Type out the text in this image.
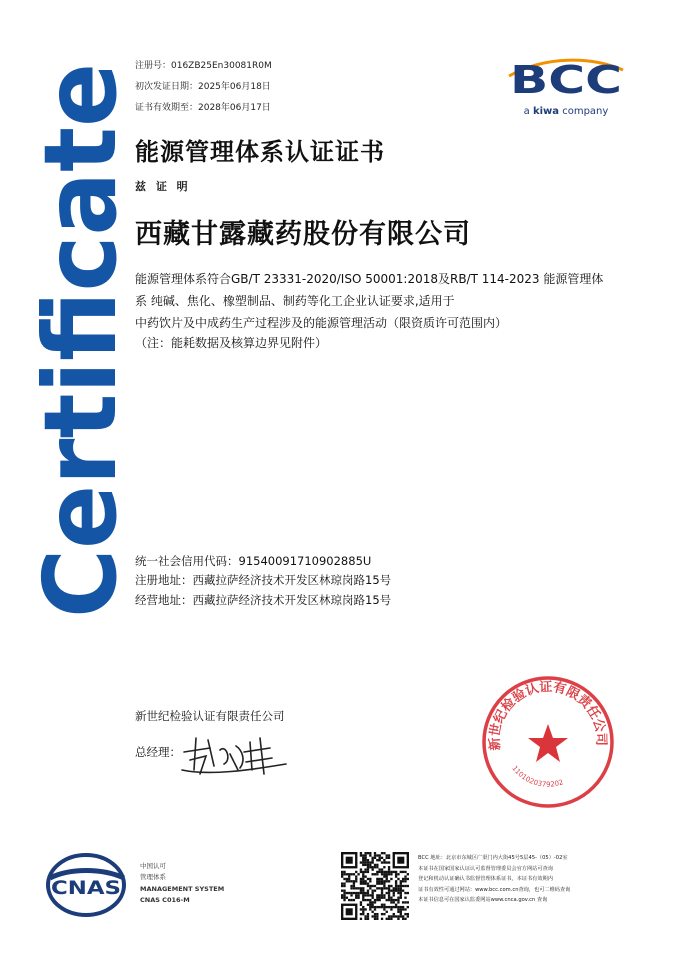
Certificate
注册号：016ZB25En30081R0M
初次发证日期：2025年06月18日
证书有效期至：2028年06月17日
BCC
a kiwa company
能源管理体系认证证书
兹 证 明
西藏甘露藏药股份有限公司
能源管理体系符合GB/T 23331-2020/ISO 50001:2018及RB/T 114-2023 能源管理体
系 纯碱、焦化、橡塑制品、制药等化工企业认证要求,适用于
中药饮片及中成药生产过程涉及的能源管理活动（限资质许可范围内）
（注：能耗数据及核算边界见附件）
统一社会信用代码：91540091710902885U
注册地址：西藏拉萨经济技术开发区林琼岗路15号
经营地址：西藏拉萨经济技术开发区林琼岗路15号
新世纪检验认证有限责任公司
总经理：
新世纪检验认证有限责任公司
1101020379202
CNAS
中国认可
管理体系
MANAGEMENT SYSTEM
CNAS C016-M
BCC 地址：北京市东城区广渠门内大街45号5层45-（05）-02室
本证书在国家国家认证认可监督管理委员会官方网站可查询
登记和机动认证确认书监督管理体系证书，本证书有效期内
证书有效性可通过网站：www.bcc.com.cn查询，也可二维码查询
本证书信息可在国家认监委网站www.cnca.gov.cn 查询
